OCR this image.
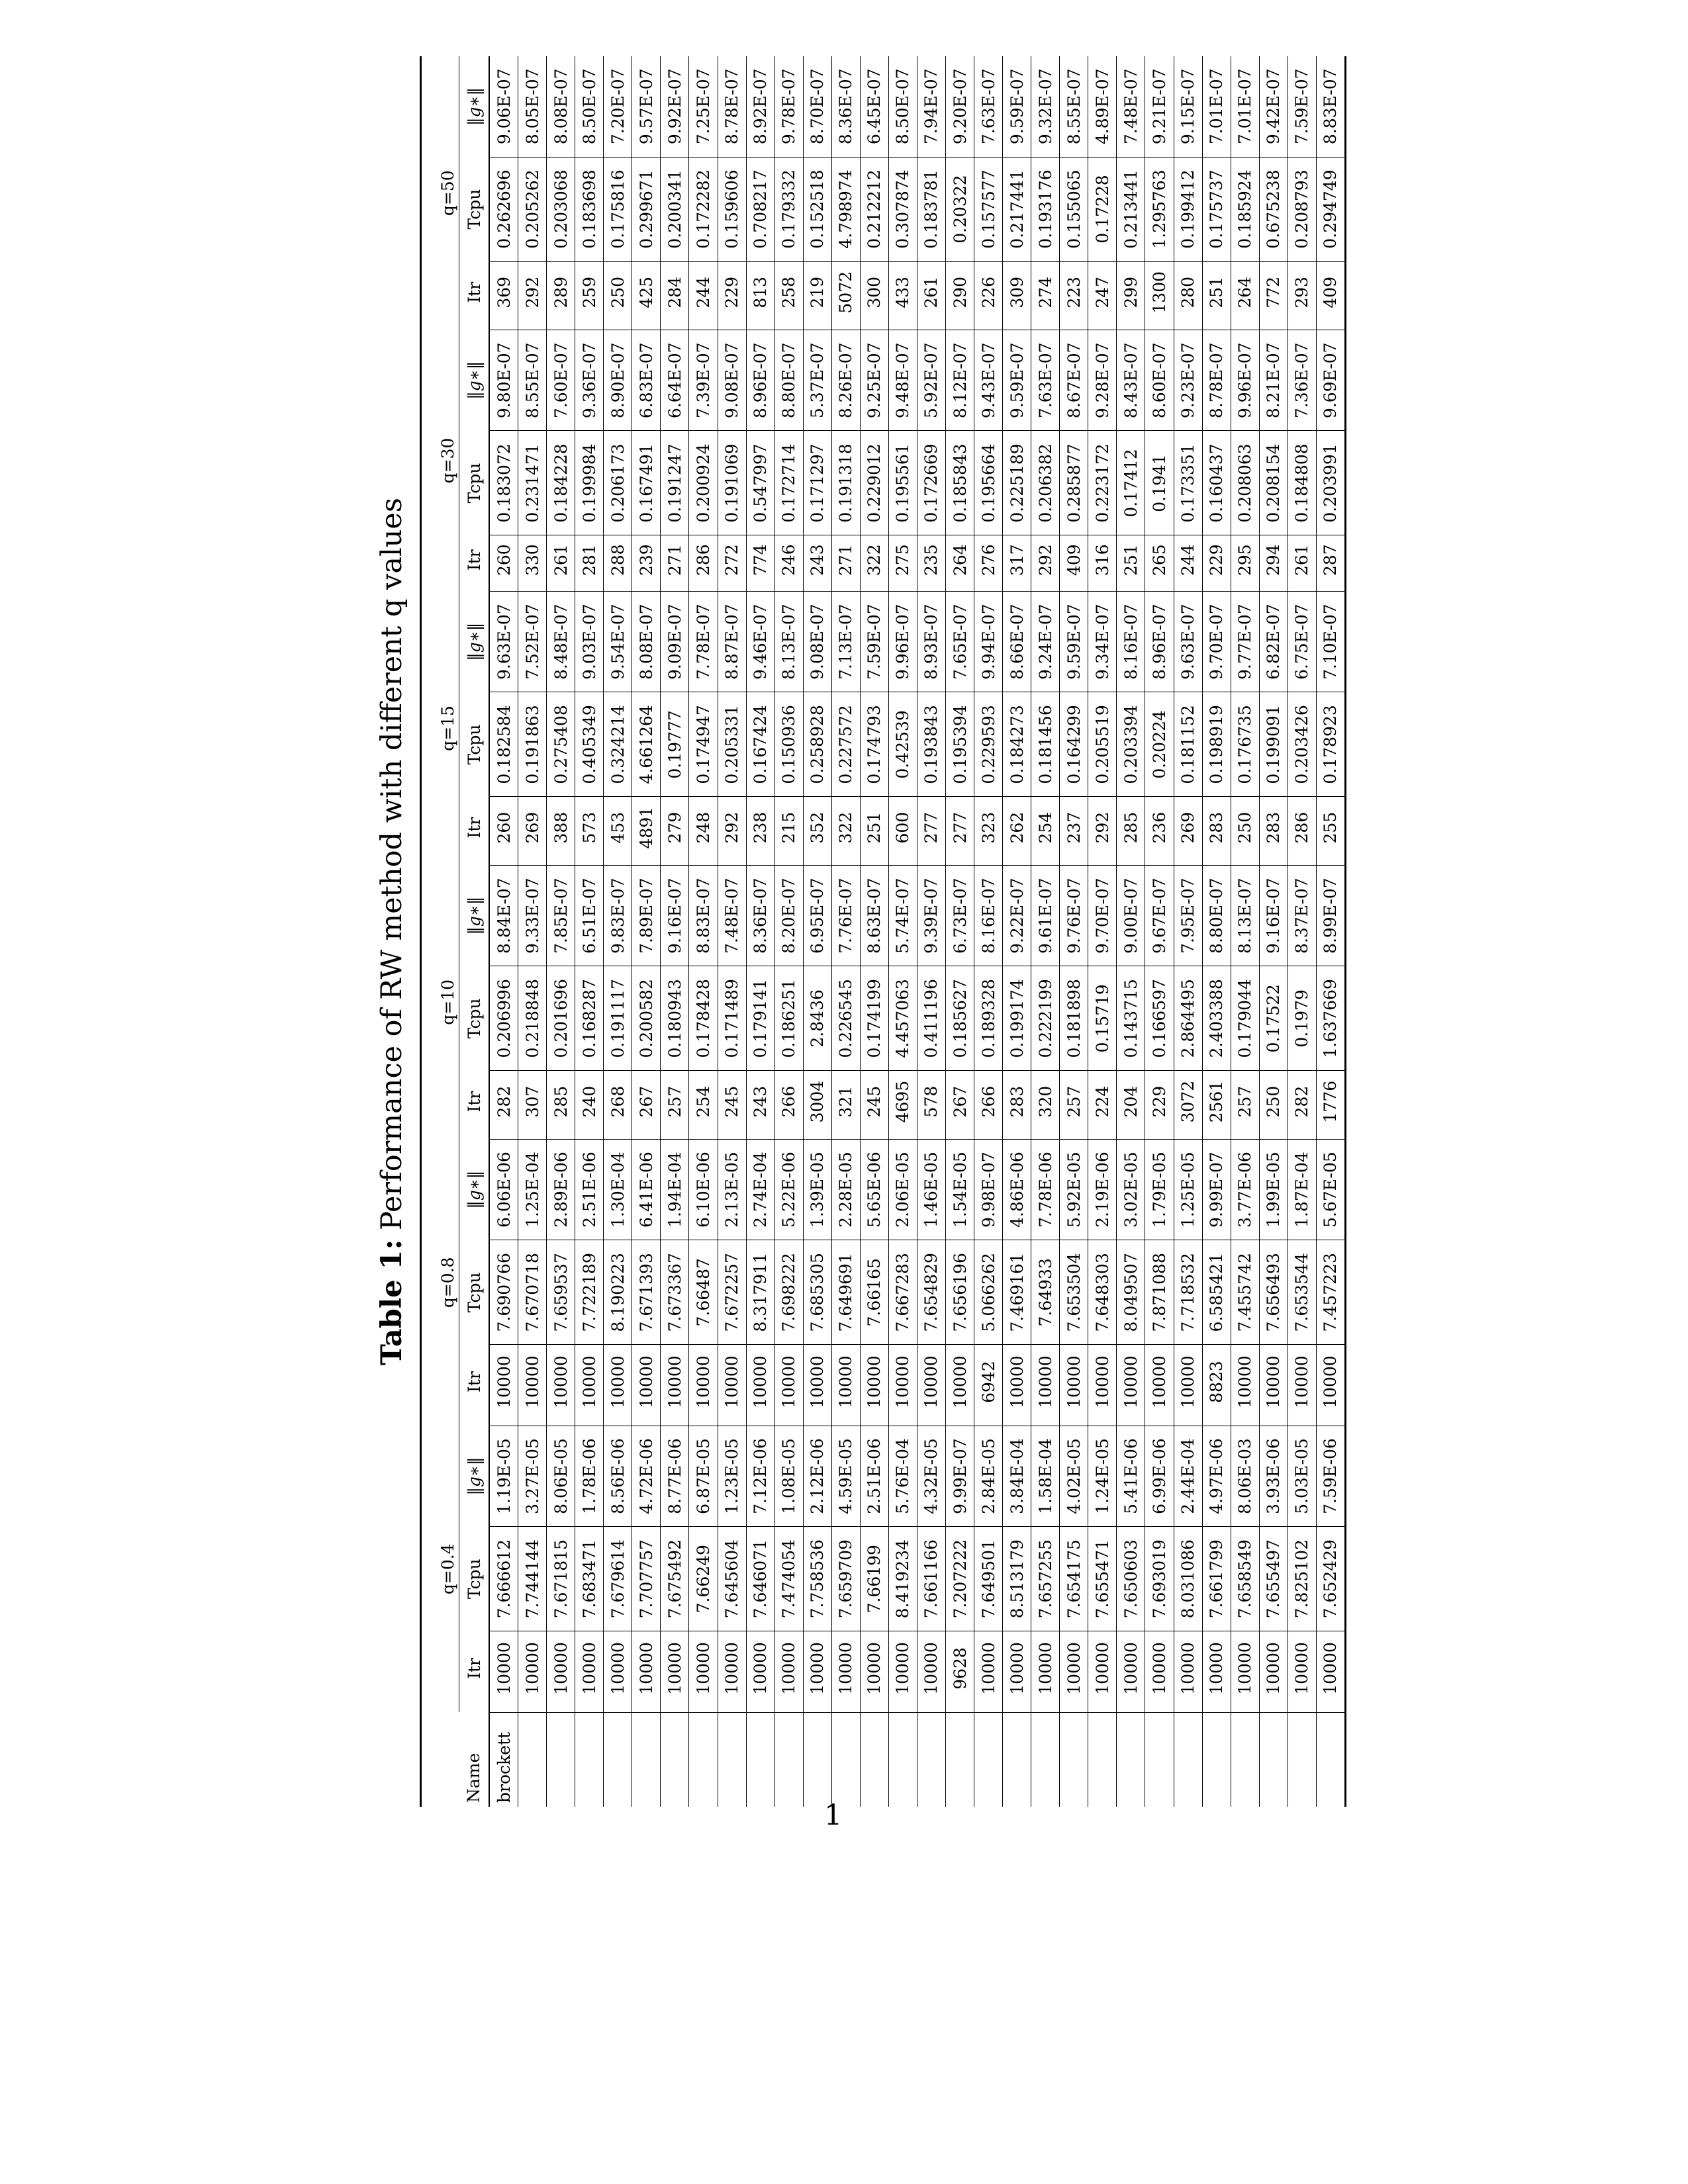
Table 1: Performance of RW method with different q values
Name	q=0.4			q=0.8			q=10			q=15			q=30			q=50		
	Itr	Tcpu	‖g∗‖	Itr	Tcpu	‖g∗‖	Itr	Tcpu	‖g∗‖	Itr	Tcpu	‖g∗‖	Itr	Tcpu	‖g∗‖	Itr	Tcpu	‖g∗‖
brockett	10000	7.666612	1.19E-05	10000	7.690766	6.06E-06	282	0.206996	8.84E-07	260	0.182584	9.63E-07	260	0.183072	9.80E-07	369	0.262696	9.06E-07
	10000	7.744144	3.27E-05	10000	7.670718	1.25E-04	307	0.218848	9.33E-07	269	0.191863	7.52E-07	330	0.231471	8.55E-07	292	0.205262	8.05E-07
	10000	7.671815	8.06E-05	10000	7.659537	2.89E-06	285	0.201696	7.85E-07	388	0.275408	8.48E-07	261	0.184228	7.60E-07	289	0.203068	8.08E-07
	10000	7.683471	1.78E-06	10000	7.722189	2.51E-06	240	0.168287	6.51E-07	573	0.405349	9.03E-07	281	0.199984	9.36E-07	259	0.183698	8.50E-07
	10000	7.679614	8.56E-06	10000	8.190223	1.30E-04	268	0.191117	9.83E-07	453	0.324214	9.54E-07	288	0.206173	8.90E-07	250	0.175816	7.20E-07
	10000	7.707757	4.72E-06	10000	7.671393	6.41E-06	267	0.200582	7.89E-07	4891	4.661264	8.08E-07	239	0.167491	6.83E-07	425	0.299671	9.57E-07
	10000	7.675492	8.77E-06	10000	7.673367	1.94E-04	257	0.180943	9.16E-07	279	0.19777	9.09E-07	271	0.191247	6.64E-07	284	0.200341	9.92E-07
	10000	7.66249	6.87E-05	10000	7.66487	6.10E-06	254	0.178428	8.83E-07	248	0.174947	7.78E-07	286	0.200924	7.39E-07	244	0.172282	7.25E-07
	10000	7.645604	1.23E-05	10000	7.672257	2.13E-05	245	0.171489	7.48E-07	292	0.205331	8.87E-07	272	0.191069	9.08E-07	229	0.159606	8.78E-07
	10000	7.646071	7.12E-06	10000	8.317911	2.74E-04	243	0.179141	8.36E-07	238	0.167424	9.46E-07	774	0.547997	8.96E-07	813	0.708217	8.92E-07
	10000	7.474054	1.08E-05	10000	7.698222	5.22E-06	266	0.186251	8.20E-07	215	0.150936	8.13E-07	246	0.172714	8.80E-07	258	0.179332	9.78E-07
	10000	7.758536	2.12E-06	10000	7.685305	1.39E-05	3004	2.8436	6.95E-07	352	0.258928	9.08E-07	243	0.171297	5.37E-07	219	0.152518	8.70E-07
	10000	7.659709	4.59E-05	10000	7.649691	2.28E-05	321	0.226545	7.76E-07	322	0.227572	7.13E-07	271	0.191318	8.26E-07	5072	4.798974	8.36E-07
	10000	7.66199	2.51E-06	10000	7.66165	5.65E-06	245	0.174199	8.63E-07	251	0.174793	7.59E-07	322	0.229012	9.25E-07	300	0.212212	6.45E-07
	10000	8.419234	5.76E-04	10000	7.667283	2.06E-05	4695	4.457063	5.74E-07	600	0.42539	9.96E-07	275	0.195561	9.48E-07	433	0.307874	8.50E-07
	10000	7.661166	4.32E-05	10000	7.654829	1.46E-05	578	0.411196	9.39E-07	277	0.193843	8.93E-07	235	0.172669	5.92E-07	261	0.183781	7.94E-07
	9628	7.207222	9.99E-07	10000	7.656196	1.54E-05	267	0.185627	6.73E-07	277	0.195394	7.65E-07	264	0.185843	8.12E-07	290	0.20322	9.20E-07
	10000	7.649501	2.84E-05	6942	5.066262	9.98E-07	266	0.189328	8.16E-07	323	0.229593	9.94E-07	276	0.195664	9.43E-07	226	0.157577	7.63E-07
	10000	8.513179	3.84E-04	10000	7.469161	4.86E-06	283	0.199174	9.22E-07	262	0.184273	8.66E-07	317	0.225189	9.59E-07	309	0.217441	9.59E-07
	10000	7.657255	1.58E-04	10000	7.64933	7.78E-06	320	0.222199	9.61E-07	254	0.181456	9.24E-07	292	0.206382	7.63E-07	274	0.193176	9.32E-07
	10000	7.654175	4.02E-05	10000	7.653504	5.92E-05	257	0.181898	9.76E-07	237	0.164299	9.59E-07	409	0.285877	8.67E-07	223	0.155065	8.55E-07
	10000	7.655471	1.24E-05	10000	7.648303	2.19E-06	224	0.15719	9.70E-07	292	0.205519	9.34E-07	316	0.223172	9.28E-07	247	0.17228	4.89E-07
	10000	7.650603	5.41E-06	10000	8.049507	3.02E-05	204	0.143715	9.00E-07	285	0.203394	8.16E-07	251	0.17412	8.43E-07	299	0.213441	7.48E-07
	10000	7.693019	6.99E-06	10000	7.871088	1.79E-05	229	0.166597	9.67E-07	236	0.20224	8.96E-07	265	0.1941	8.60E-07	1300	1.295763	9.21E-07
	10000	8.031086	2.44E-04	10000	7.718532	1.25E-05	3072	2.864495	7.95E-07	269	0.181152	9.63E-07	244	0.173351	9.23E-07	280	0.199412	9.15E-07
	10000	7.661799	4.97E-06	8823	6.585421	9.99E-07	2561	2.403388	8.80E-07	283	0.198919	9.70E-07	229	0.160437	8.78E-07	251	0.175737	7.01E-07
	10000	7.658549	8.06E-03	10000	7.455742	3.77E-06	257	0.179044	8.13E-07	250	0.176735	9.77E-07	295	0.208063	9.96E-07	264	0.185924	7.01E-07
	10000	7.655497	3.93E-06	10000	7.656493	1.99E-05	250	0.17522	9.16E-07	283	0.199091	6.82E-07	294	0.208154	8.21E-07	772	0.675238	9.42E-07
	10000	7.825102	5.03E-05	10000	7.653544	1.87E-04	282	0.1979	8.37E-07	286	0.203426	6.75E-07	261	0.184808	7.36E-07	293	0.208793	7.59E-07
	10000	7.652429	7.59E-06	10000	7.457223	5.67E-05	1776	1.637669	8.99E-07	255	0.178923	7.10E-07	287	0.203991	9.69E-07	409	0.294749	8.83E-07
1
